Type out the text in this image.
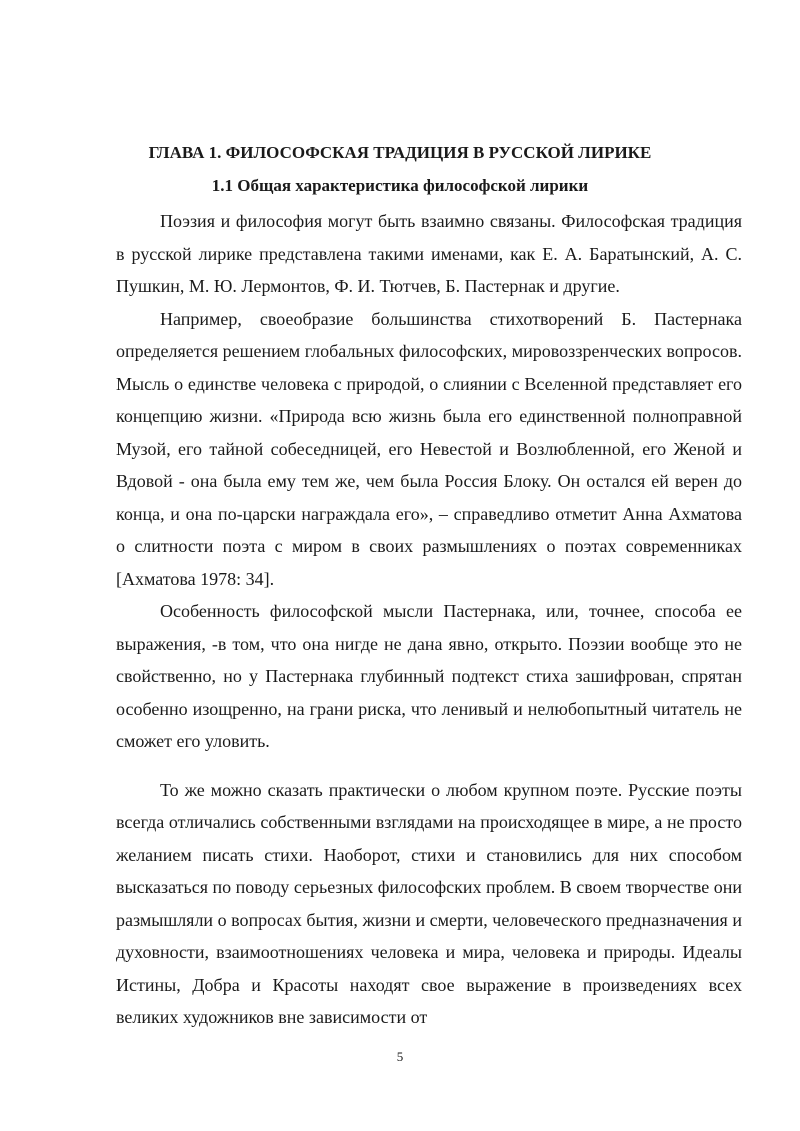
ГЛАВА 1. ФИЛОСОФСКАЯ ТРАДИЦИЯ В РУССКОЙ ЛИРИКЕ
1.1 Общая характеристика философской лирики

Поэзия и философия могут быть взаимно связаны. Философская традиция в русской лирике представлена такими именами, как Е. А. Баратынский, А. С. Пушкин, М. Ю. Лермонтов, Ф. И. Тютчев, Б. Пастернак и другие.

Например, своеобразие большинства стихотворений Б. Пастернака определяется решением глобальных философских, мировоззренческих вопросов. Мысль о единстве человека с природой, о слиянии с Вселенной представляет его концепцию жизни. «Природа всю жизнь была его единственной полноправной Музой, его тайной собеседницей, его Невестой и Возлюбленной, его Женой и Вдовой - она была ему тем же, чем была Россия Блоку. Он остался ей верен до конца, и она по-царски награждала его», – справедливо отметит Анна Ахматова о слитности поэта с миром в своих размышлениях о поэтах современниках [Ахматова 1978: 34].

Особенность философской мысли Пастернака, или, точнее, способа ее выражения, -в том, что она нигде не дана явно, открыто. Поэзии вообще это не свойственно, но у Пастернака глубинный подтекст стиха зашифрован, спрятан особенно изощренно, на грани риска, что ленивый и нелюбопытный читатель не сможет его уловить.

То же можно сказать практически о любом крупном поэте. Русские поэты всегда отличались собственными взглядами на происходящее в мире, а не просто желанием писать стихи. Наоборот, стихи и становились для них способом высказаться по поводу серьезных философских проблем. В своем творчестве они размышляли о вопросах бытия, жизни и смерти, человеческого предназначения и духовности, взаимоотношениях человека и мира, человека и природы. Идеалы Истины, Добра и Красоты находят свое выражение в произведениях всех великих художников вне зависимости от

5
